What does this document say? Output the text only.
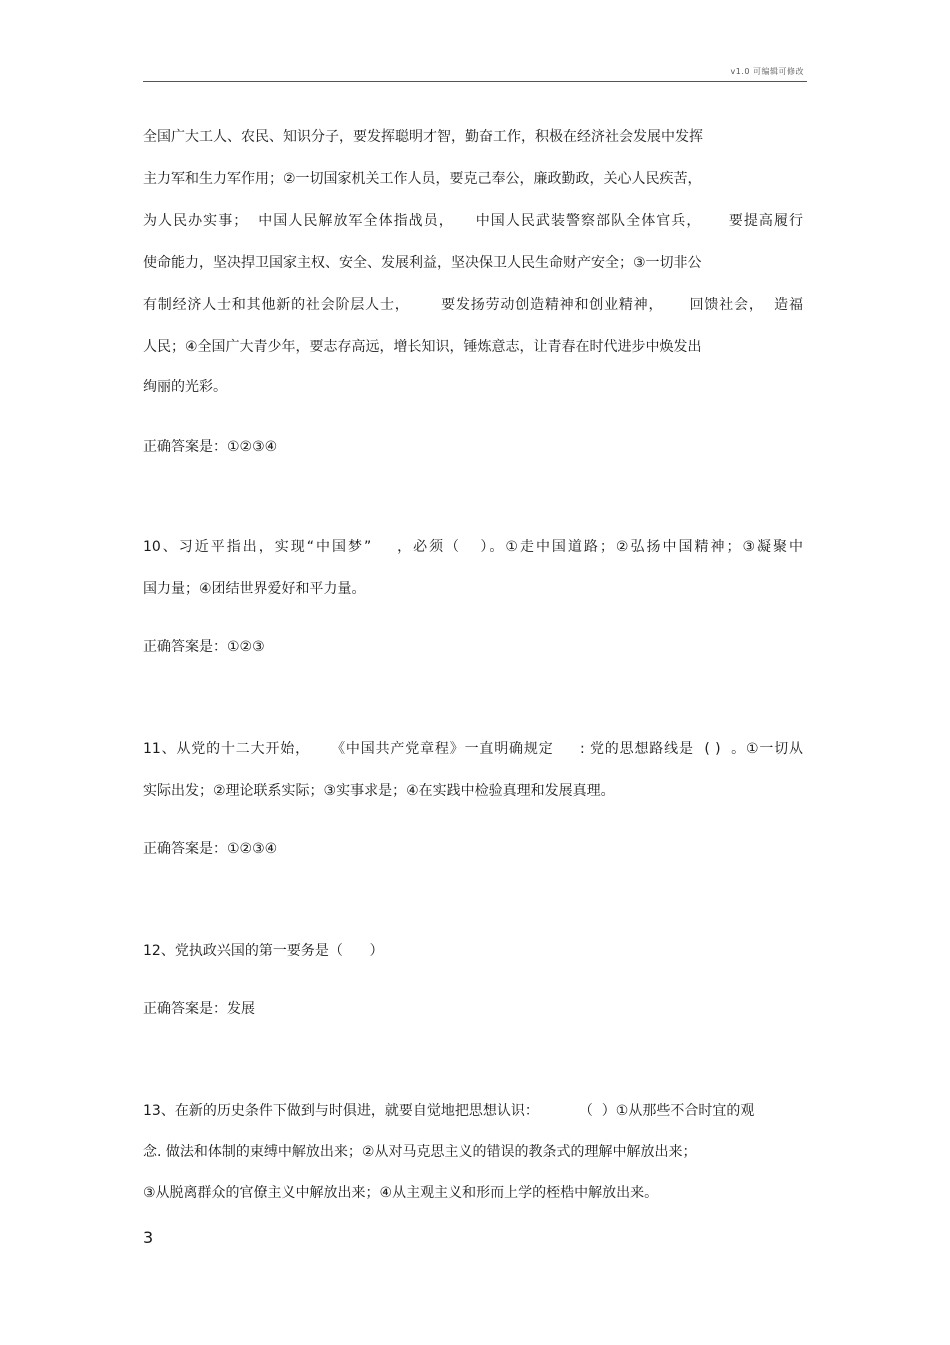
v1.0 可编辑可修改
全国广大工人、农民、知识分子，要发挥聪明才智，勤奋工作，积极在经济社会发展中发挥
主力军和生力军作用；②一切国家机关工作人员，要克己奉公，廉政勤政，关心人民疾苦，
为人民办实事；  中国人民解放军全体指战员，    中国人民武装警察部队全体官兵，     要提高履行
使命能力，坚决捍卫国家主权、安全、发展利益，坚决保卫人民生命财产安全；③一切非公
有制经济人士和其他新的社会阶层人士，      要发扬劳动创造精神和创业精神，     回馈社会，  造福
人民；④全国广大青少年，要志存高远，增长知识，锤炼意志，让青春在时代进步中焕发出
绚丽的光彩。
正确答案是：①②③④
10、习近平指出，实现“中国梦”    ，必须（   ）。①走中国道路；②弘扬中国精神；③凝聚中
国力量；④团结世界爱好和平力量。
正确答案是：①②③
11、从党的十二大开始，    《中国共产党章程》一直明确规定     : 党的思想路线是  ( )  。①一切从
实际出发；②理论联系实际；③实事求是；④在实践中检验真理和发展真理。
正确答案是：①②③④
12、党执政兴国的第一要务是（      ）
正确答案是：发展
13、在新的历史条件下做到与时俱进，就要自觉地把思想认识：         （  ）①从那些不合时宜的观
念. 做法和体制的束缚中解放出来；②从对马克思主义的错误的教条式的理解中解放出来；
③从脱离群众的官僚主义中解放出来；④从主观主义和形而上学的桎梏中解放出来。
3
